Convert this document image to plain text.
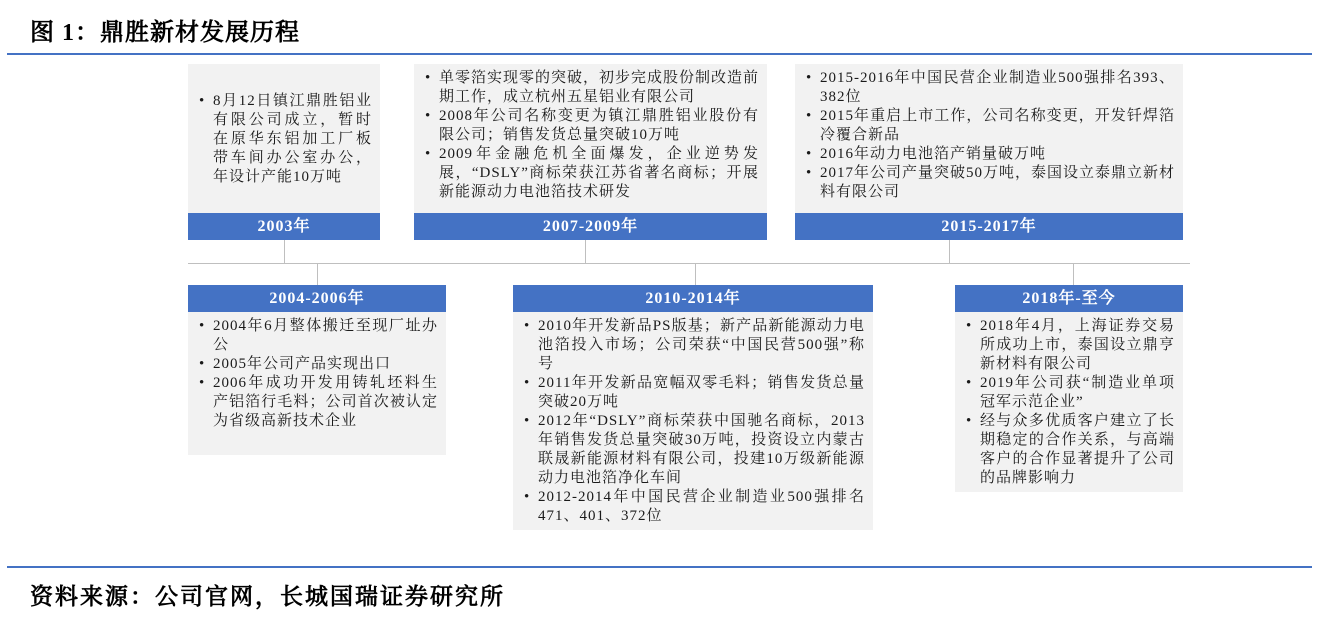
图 1：鼎胜新材发展历程
• 8月12日镇江鼎胜铝业有限公司成立，暂时在原华东铝加工厂板带车间办公室办公，年设计产能10万吨
2003年
• 单零箔实现零的突破，初步完成股份制改造前期工作，成立杭州五星铝业有限公司
• 2008年公司名称变更为镇江鼎胜铝业股份有限公司；销售发货总量突破10万吨
• 2009年金融危机全面爆发，企业逆势发展，“DSLY”商标荣获江苏省著名商标；开展新能源动力电池箔技术研发
2007-2009年
• 2015-2016年中国民营企业制造业500强排名393、382位
• 2015年重启上市工作，公司名称变更，开发钎焊箔冷覆合新品
• 2016年动力电池箔产销量破万吨
• 2017年公司产量突破50万吨，泰国设立泰鼎立新材料有限公司
2015-2017年
2004-2006年
• 2004年6月整体搬迁至现厂址办公
• 2005年公司产品实现出口
• 2006年成功开发用铸轧坯料生产铝箔行毛料；公司首次被认定为省级高新技术企业
2010-2014年
• 2010年开发新品PS版基；新产品新能源动力电池箔投入市场；公司荣获“中国民营500强”称号
• 2011年开发新品宽幅双零毛料；销售发货总量突破20万吨
• 2012年“DSLY”商标荣获中国驰名商标，2013年销售发货总量突破30万吨，投资设立内蒙古联晟新能源材料有限公司，投建10万级新能源动力电池箔净化车间
• 2012-2014年中国民营企业制造业500强排名471、401、372位
2018年-至今
• 2018年4月，上海证券交易所成功上市，泰国设立鼎亨新材料有限公司
• 2019年公司获“制造业单项冠军示范企业”
• 经与众多优质客户建立了长期稳定的合作关系，与高端客户的合作显著提升了公司的品牌影响力
资料来源：公司官网，长城国瑞证券研究所
